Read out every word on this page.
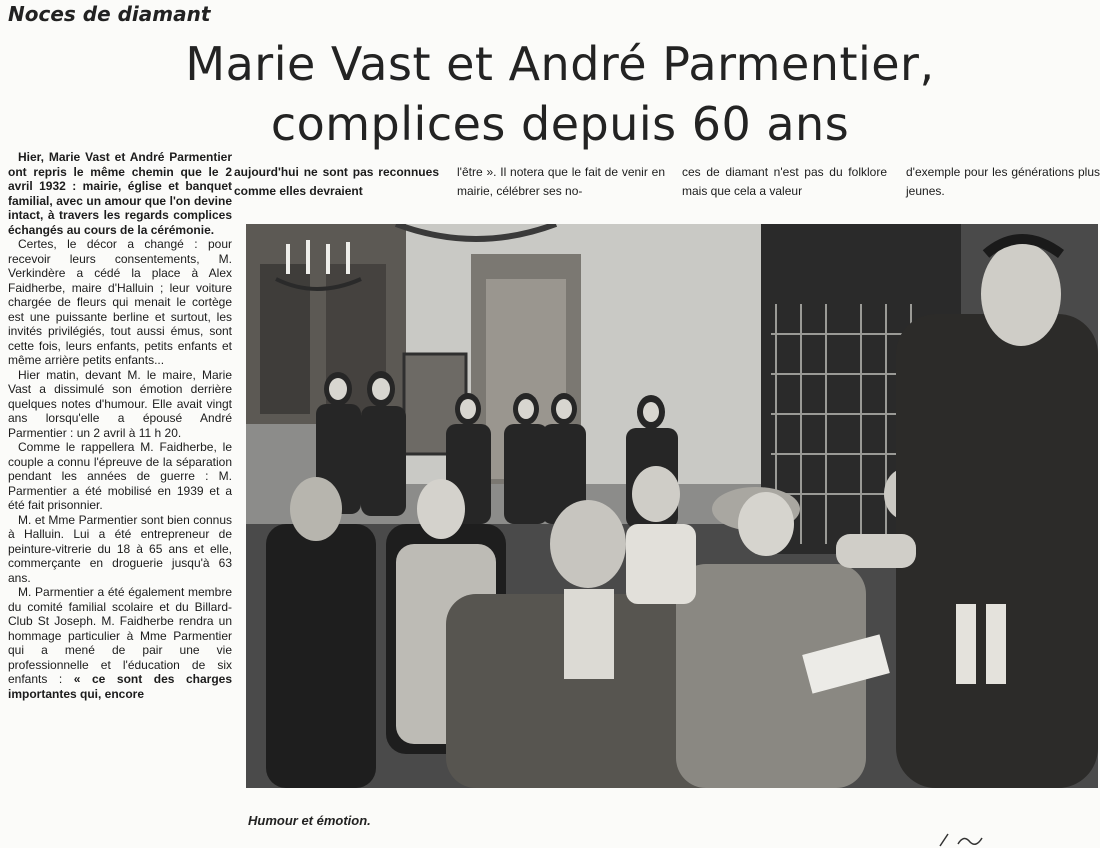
Noces de diamant
Marie Vast et André Parmentier,
complices depuis 60 ans

Hier, Marie Vast et André Parmentier ont repris le même chemin que le 2 avril 1932 : mairie, église et banquet familial, avec un amour que l'on devine intact, à travers les regards complices échangés au cours de la cérémonie.

Certes, le décor a changé : pour recevoir leurs consentements, M. Verkindère a cédé la place à Alex Faidherbe, maire d'Halluin ; leur voiture chargée de fleurs qui menait le cortège est une puissante berline et surtout, les invités privilégiés, tout aussi émus, sont cette fois, leurs enfants, petits enfants et même arrière petits enfants...

Hier matin, devant M. le maire, Marie Vast a dissimulé son émotion derrière quelques notes d'humour. Elle avait vingt ans lorsqu'elle a épousé André Parmentier : un 2 avril à 11 h 20.

Comme le rappellera M. Faidherbe, le couple a connu l'épreuve de la séparation pendant les années de guerre : M. Parmentier a été mobilisé en 1939 et a été fait prisonnier.

M. et Mme Parmentier sont bien connus à Halluin. Lui a été entrepreneur de peinture-vitrerie du 18 à 65 ans et elle, commerçante en droguerie jusqu'à 63 ans.

M. Parmentier a été également membre du comité familial scolaire et du Billard-Club St Joseph. M. Faidherbe rendra un hommage particulier à Mme Parmentier qui a mené de pair une vie professionnelle et l'éducation de six enfants : « ce sont des charges importantes qui, encore

aujourd'hui ne sont pas reconnues comme elles devraient
l'être ». Il notera que le fait de venir en mairie, célébrer ses no-
ces de diamant n'est pas du folklore mais que cela a valeur
d'exemple pour les générations plus jeunes.
Humour et émotion.
